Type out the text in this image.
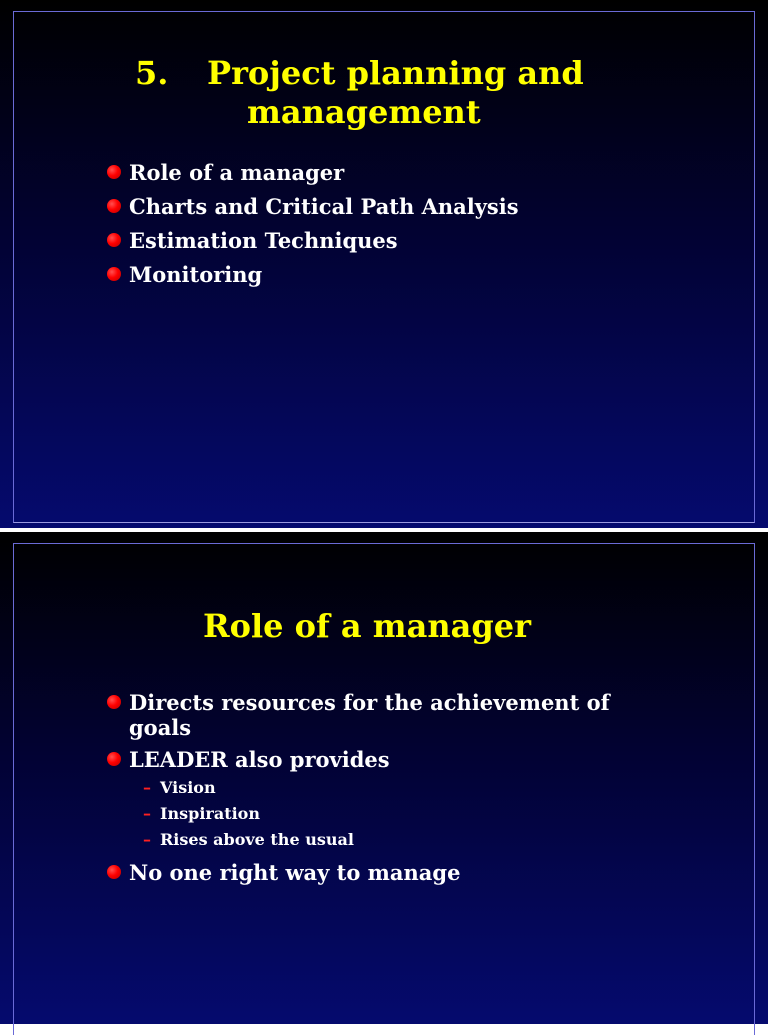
5. Project planning and
management
Role of a manager
Charts and Critical Path Analysis
Estimation Techniques
Monitoring
Role of a manager
Directs resources for the achievement of goals
LEADER also provides
– Vision
– Inspiration
– Rises above the usual
No one right way to manage
